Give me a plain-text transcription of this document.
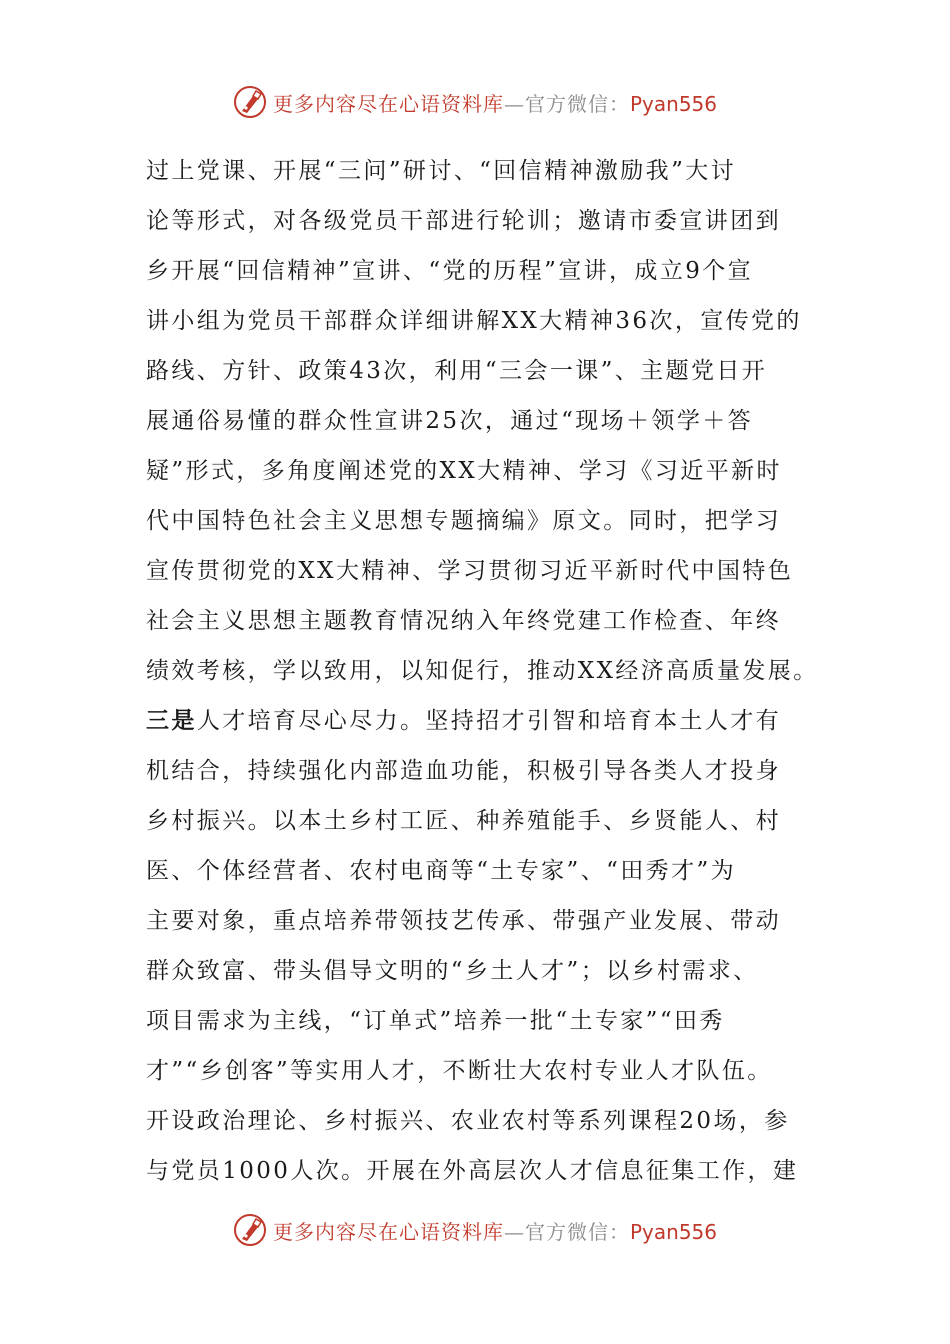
更多内容尽在心语资料库—官方微信：Pyan556
过上党课、开展“三问”研讨、“回信精神激励我”大讨
论等形式，对各级党员干部进行轮训；邀请市委宣讲团到
乡开展“回信精神”宣讲、“党的历程”宣讲，成立9个宣
讲小组为党员干部群众详细讲解XX大精神36次，宣传党的
路线、方针、政策43次，利用“三会一课”、主题党日开
展通俗易懂的群众性宣讲25次，通过“现场＋领学＋答
疑”形式，多角度阐述党的XX大精神、学习《习近平新时
代中国特色社会主义思想专题摘编》原文。同时，把学习
宣传贯彻党的XX大精神、学习贯彻习近平新时代中国特色
社会主义思想主题教育情况纳入年终党建工作检查、年终
绩效考核，学以致用，以知促行，推动XX经济高质量发展。
三是人才培育尽心尽力。坚持招才引智和培育本土人才有
机结合，持续强化内部造血功能，积极引导各类人才投身
乡村振兴。以本土乡村工匠、种养殖能手、乡贤能人、村
医、个体经营者、农村电商等“土专家”、“田秀才”为
主要对象，重点培养带领技艺传承、带强产业发展、带动
群众致富、带头倡导文明的“乡土人才”；以乡村需求、
项目需求为主线，“订单式”培养一批“土专家”“田秀
才”“乡创客”等实用人才，不断壮大农村专业人才队伍。
开设政治理论、乡村振兴、农业农村等系列课程20场，参
与党员1000人次。开展在外高层次人才信息征集工作，建
更多内容尽在心语资料库—官方微信：Pyan556
